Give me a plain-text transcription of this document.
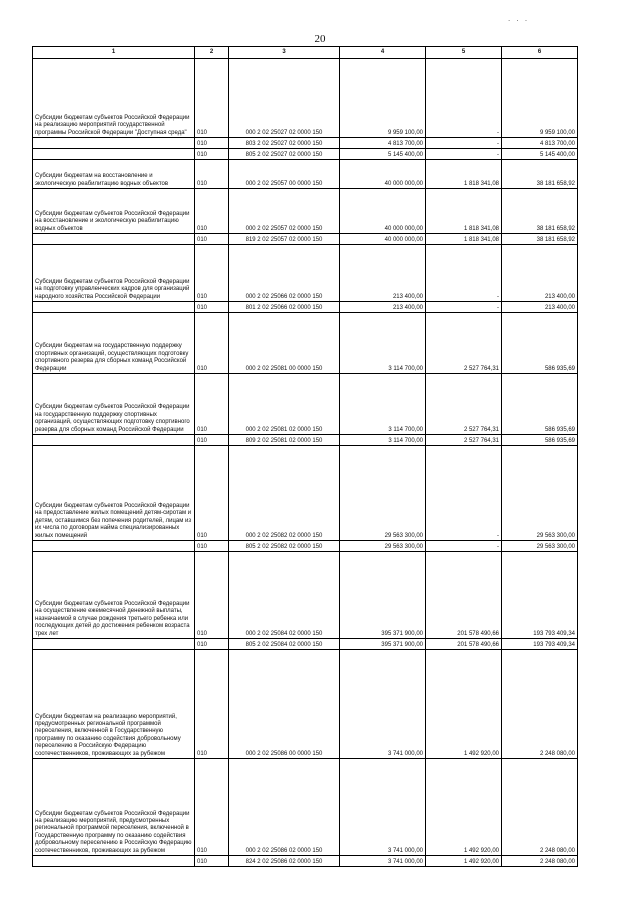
. . .
20
1	2	3	4	5	6
Субсидии бюджетам субъектов Российской Федерации на реализацию мероприятий государственной программы Российской Федерации "Доступная среда"	010	000 2 02 25027 02 0000 150	9 959 100,00	-	9 959 100,00
	010	803 2 02 25027 02 0000 150	4 813 700,00	-	4 813 700,00
	010	805 2 02 25027 02 0000 150	5 145 400,00	-	5 145 400,00
Субсидии бюджетам на восстановление и экологическую реабилитацию водных объектов	010	000 2 02 25057 00 0000 150	40 000 000,00	1 818 341,08	38 181 658,92
Субсидии бюджетам субъектов Российской Федерации на восстановление и экологическую реабилитацию водных объектов	010	000 2 02 25057 02 0000 150	40 000 000,00	1 818 341,08	38 181 658,92
	010	819 2 02 25057 02 0000 150	40 000 000,00	1 818 341,08	38 181 658,92
Субсидии бюджетам субъектов Российской Федерации на подготовку управленческих кадров для организаций народного хозяйства Российской Федерации	010	000 2 02 25066 02 0000 150	213 400,00	-	213 400,00
	010	801 2 02 25066 02 0000 150	213 400,00	-	213 400,00
Субсидии бюджетам на государственную поддержку спортивных организаций, осуществляющих подготовку спортивного резерва для сборных команд Российской Федерации	010	000 2 02 25081 00 0000 150	3 114 700,00	2 527 764,31	586 935,69
Субсидии бюджетам субъектов Российской Федерации на государственную поддержку спортивных организаций, осуществляющих подготовку спортивного резерва для сборных команд Российской Федерации	010	000 2 02 25081 02 0000 150	3 114 700,00	2 527 764,31	586 935,69
	010	809 2 02 25081 02 0000 150	3 114 700,00	2 527 764,31	586 935,69
Субсидии бюджетам субъектов Российской Федерации на предоставление жилых помещений детям-сиротам и детям, оставшимся без попечения родителей, лицам из их числа по договорам найма специализированных жилых помещений	010	000 2 02 25082 02 0000 150	29 563 300,00	-	29 563 300,00
	010	805 2 02 25082 02 0000 150	29 563 300,00	-	29 563 300,00
Субсидии бюджетам субъектов Российской Федерации на осуществление ежемесячной денежной выплаты, назначаемой в случае рождения третьего ребенка или последующих детей до достижения ребенком возраста трех лет	010	000 2 02 25084 02 0000 150	395 371 900,00	201 578 490,66	193 793 409,34
	010	805 2 02 25084 02 0000 150	395 371 900,00	201 578 490,66	193 793 409,34
Субсидии бюджетам на реализацию мероприятий, предусмотренных региональной программой переселения, включенной в Государственную программу по оказанию содействия добровольному переселению в Российскую Федерацию соотечественников, проживающих за рубежом	010	000 2 02 25086 00 0000 150	3 741 000,00	1 492 920,00	2 248 080,00
Субсидии бюджетам субъектов Российской Федерации на реализацию мероприятий, предусмотренных региональной программой переселения, включенной в Государственную программу по оказанию содействия добровольному переселению в Российскую Федерацию соотечественников, проживающих за рубежом	010	000 2 02 25086 02 0000 150	3 741 000,00	1 492 920,00	2 248 080,00
	010	824 2 02 25086 02 0000 150	3 741 000,00	1 492 920,00	2 248 080,00
